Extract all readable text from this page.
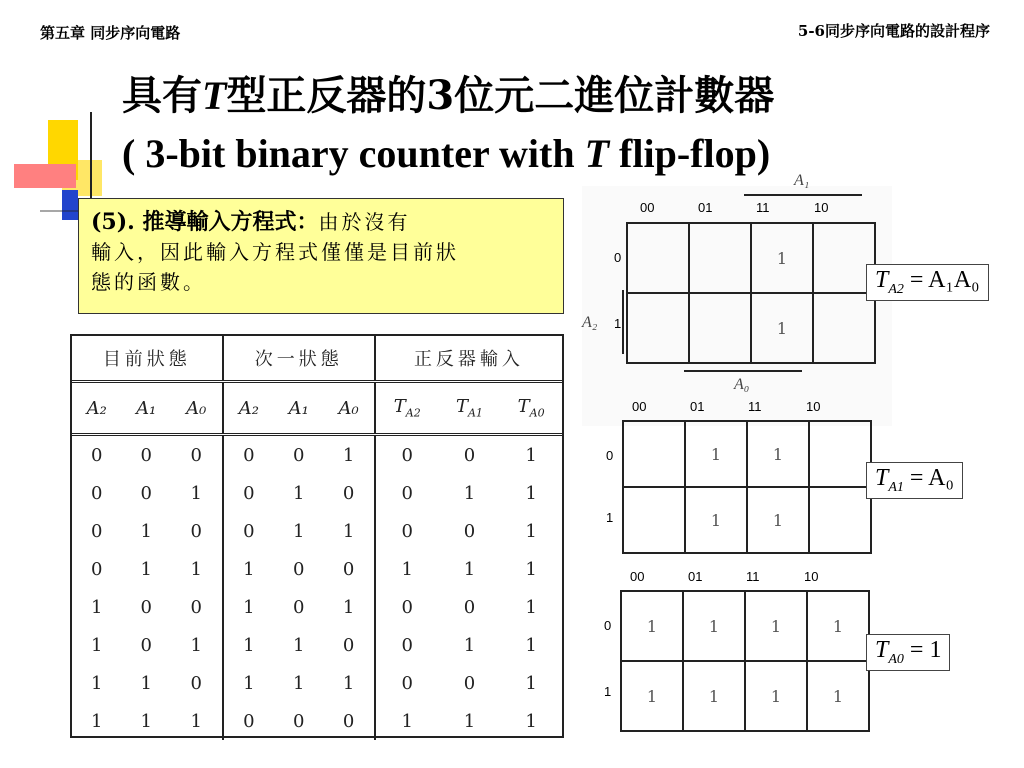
第五章 同步序向電路	5-6同步序向電路的設計程序
具有T型正反器的3位元二進位計數器
( 3-bit binary counter with T flip-flop)
(5). 推導輸入方程式：由於沒有
輸入，因此輸入方程式僅僅是目前狀
態的函數。
目前狀態			次一狀態			正反器輸入		
A₂	A₁	A₀	A₂	A₁	A₀	$T_{A2}$	$T_{A1}$	$T_{A0}$
0	0	0	0	0	1	0	0	1
0	0	1	0	1	0	0	1	1
0	1	0	0	1	1	0	0	1
0	1	1	1	0	0	1	1	1
1	0	0	1	0	1	0	0	1
1	0	1	1	1	0	0	1	1
1	1	0	1	1	1	0	0	1
1	1	1	0	0	0	1	1	1
00	01	11	10
0
1
		1	
		1	
A₁
A₂
A₀
$T_{A2} = A_1A_0$
00	01	11	10
0
1
	1	1	
	1	1	
$T_{A1} = A_0$
00	01	11	10
0
1
1	1	1	1
1	1	1	1
$T_{A0} = 1$
